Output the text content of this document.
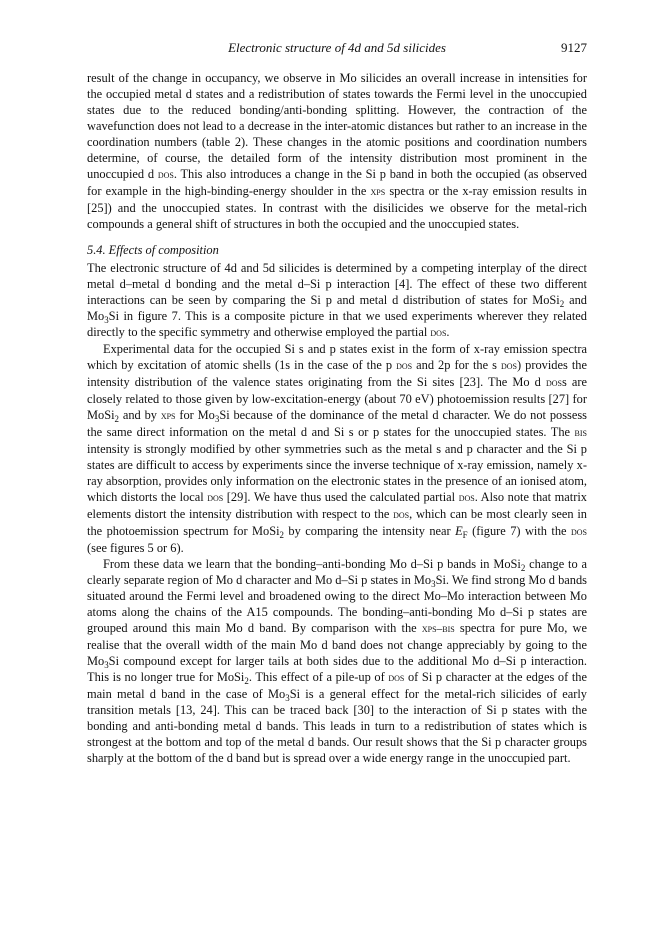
Electronic structure of 4d and 5d silicides	9127

result of the change in occupancy, we observe in Mo silicides an overall increase in intensities for the occupied metal d states and a redistribution of states towards the Fermi level in the unoccupied states due to the reduced bonding/anti-bonding splitting. However, the contraction of the wavefunction does not lead to a decrease in the inter-atomic distances but rather to an increase in the coordination numbers (table 2). These changes in the atomic positions and coordination numbers determine, of course, the detailed form of the intensity distribution most prominent in the unoccupied d dos. This also introduces a change in the Si p band in both the occupied (as observed for example in the high-binding-energy shoulder in the xps spectra or the x-ray emission results in [25]) and the unoccupied states. In contrast with the disilicides we observe for the metal-rich compounds a general shift of structures in both the occupied and the unoccupied states.

5.4. Effects of composition

The electronic structure of 4d and 5d silicides is determined by a competing interplay of the direct metal d–metal d bonding and the metal d–Si p interaction [4]. The effect of these two different interactions can be seen by comparing the Si p and metal d distribution of states for MoSi$_2$ and $Mo_3Si$ in figure 7. This is a composite picture in that we used experiments wherever they related directly to the specific symmetry and otherwise employed the partial dos.

Experimental data for the occupied Si s and p states exist in the form of x-ray emission spectra which by excitation of atomic shells (1s in the case of the p dos and 2p for the s dos) provides the intensity distribution of the valence states originating from the Si sites [23]. The Mo d doss are closely related to those given by low-excitation-energy (about 70 eV) photoemission results [27] for MoSi$_2$ and by xps for $Mo_3Si$ because of the dominance of the metal d character. We do not possess the same direct information on the metal d and Si s or p states for the unoccupied states. The bis intensity is strongly modified by other symmetries such as the metal s and p character and the Si p states are difficult to access by experiments since the inverse technique of x-ray emission, namely x-ray absorption, provides only information on the electronic states in the presence of an ionised atom, which distorts the local dos [29]. We have thus used the calculated partial dos. Also note that matrix elements distort the intensity distribution with respect to the dos, which can be most clearly seen in the photoemission spectrum for MoSi$_2$ by comparing the intensity near $E_F$ (figure 7) with the dos (see figures 5 or 6).

From these data we learn that the bonding–anti-bonding Mo d–Si p bands in MoSi$_2$ change to a clearly separate region of Mo d character and Mo d–Si p states in $Mo_3Si$. We find strong Mo d bands situated around the Fermi level and broadened owing to the direct Mo–Mo interaction between Mo atoms along the chains of the A15 compounds. The bonding–anti-bonding Mo d–Si p states are grouped around this main Mo d band. By comparison with the xps–bis spectra for pure Mo, we realise that the overall width of the main Mo d band does not change appreciably by going to the $Mo_3Si$ compound except for larger tails at both sides due to the additional Mo d–Si p interaction. This is no longer true for MoSi$_2$. This effect of a pile-up of dos of Si p character at the edges of the main metal d band in the case of $Mo_3Si$ is a general effect for the metal-rich silicides of early transition metals [13, 24]. This can be traced back [30] to the interaction of Si p states with the bonding and anti-bonding metal d bands. This leads in turn to a redistribution of states which is strongest at the bottom and top of the metal d bands. Our result shows that the Si p character groups sharply at the bottom of the d band but is spread over a wide energy range in the unoccupied part.
